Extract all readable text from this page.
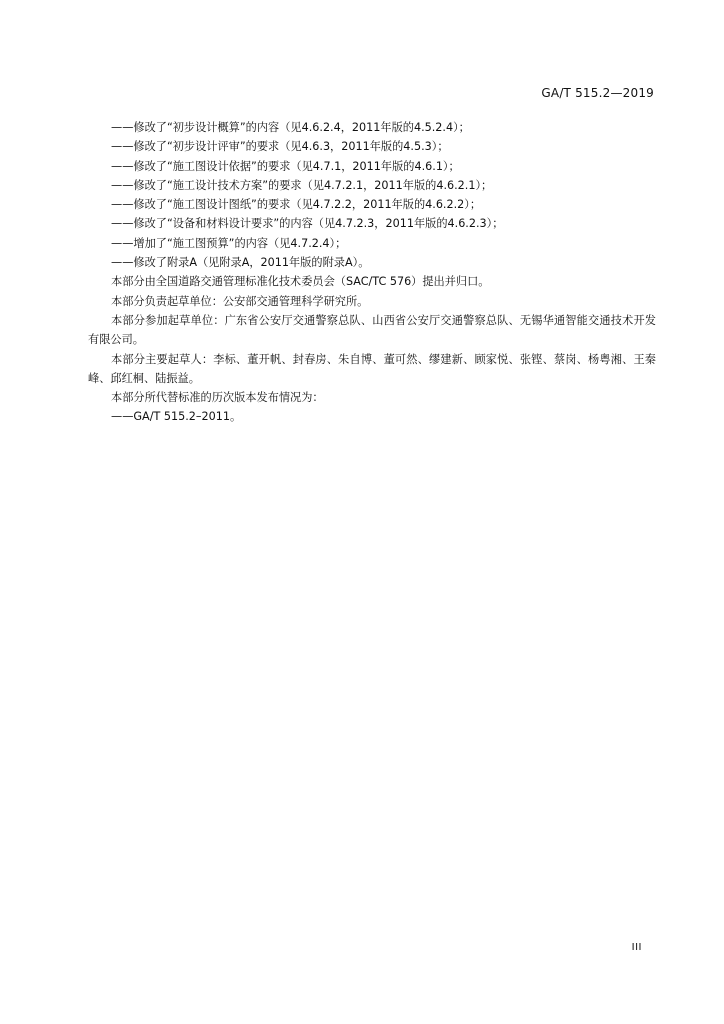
GA/T 515.2—2019

——修改了“初步设计概算”的内容（见4.6.2.4，2011年版的4.5.2.4）；

——修改了“初步设计评审”的要求（见4.6.3，2011年版的4.5.3）；

——修改了“施工图设计依据”的要求（见4.7.1，2011年版的4.6.1）；

——修改了“施工设计技术方案”的要求（见4.7.2.1，2011年版的4.6.2.1）；

——修改了“施工图设计图纸”的要求（见4.7.2.2，2011年版的4.6.2.2）；

——修改了“设备和材料设计要求”的内容（见4.7.2.3，2011年版的4.6.2.3）；

——增加了“施工图预算”的内容（见4.7.2.4）；

——修改了附录A（见附录A，2011年版的附录A）。

本部分由全国道路交通管理标准化技术委员会（SAC/TC 576）提出并归口。

本部分负责起草单位：公安部交通管理科学研究所。

本部分参加起草单位：广东省公安厅交通警察总队、山西省公安厅交通警察总队、无锡华通智能交通技术开发有限公司。

本部分主要起草人：李标、董开帆、封春房、朱自博、董可然、缪建新、顾家悦、张铿、蔡岗、杨粤湘、王秦峰、邱红桐、陆振益。

本部分所代替标准的历次版本发布情况为：

——GA/T 515.2–2011。

III
